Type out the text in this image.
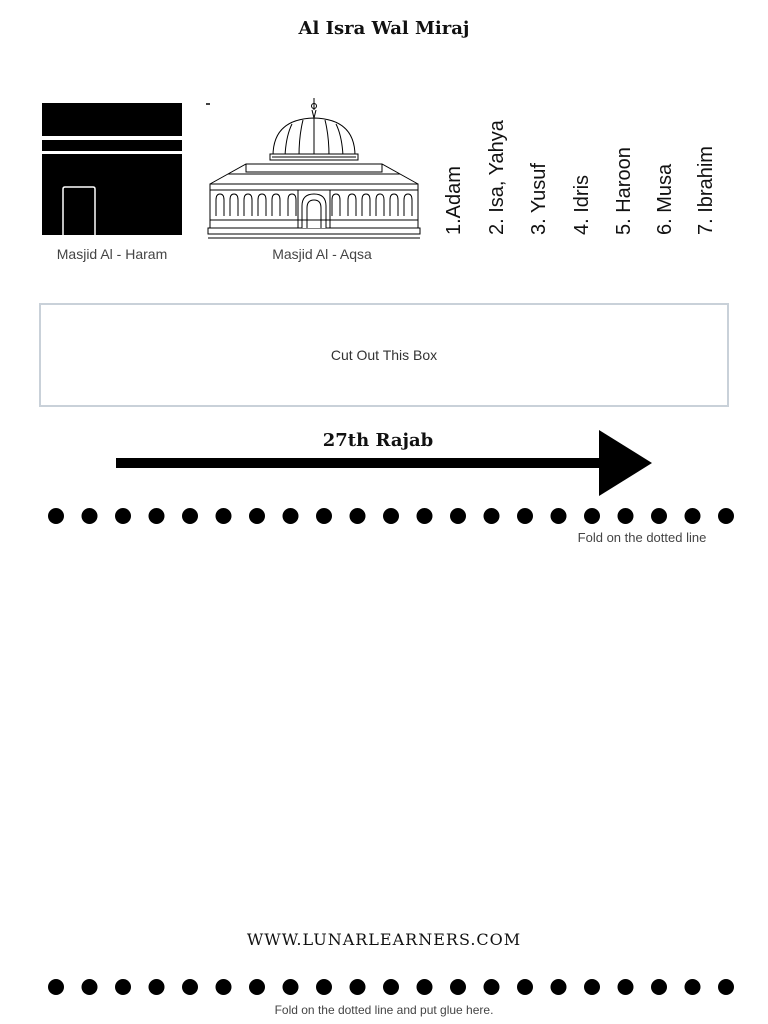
Al Isra Wal Miraj
Masjid Al - Haram	Masjid Al - Aqsa
1.Adam 2. Isa, Yahya 3. Yusuf 4. Idris 5. Haroon 6. Musa 7. Ibrahim
Cut Out This Box
27th Rajab
Fold on the dotted line
WWW.LUNARLEARNERS.COM
Fold on the dotted line and put glue here.
